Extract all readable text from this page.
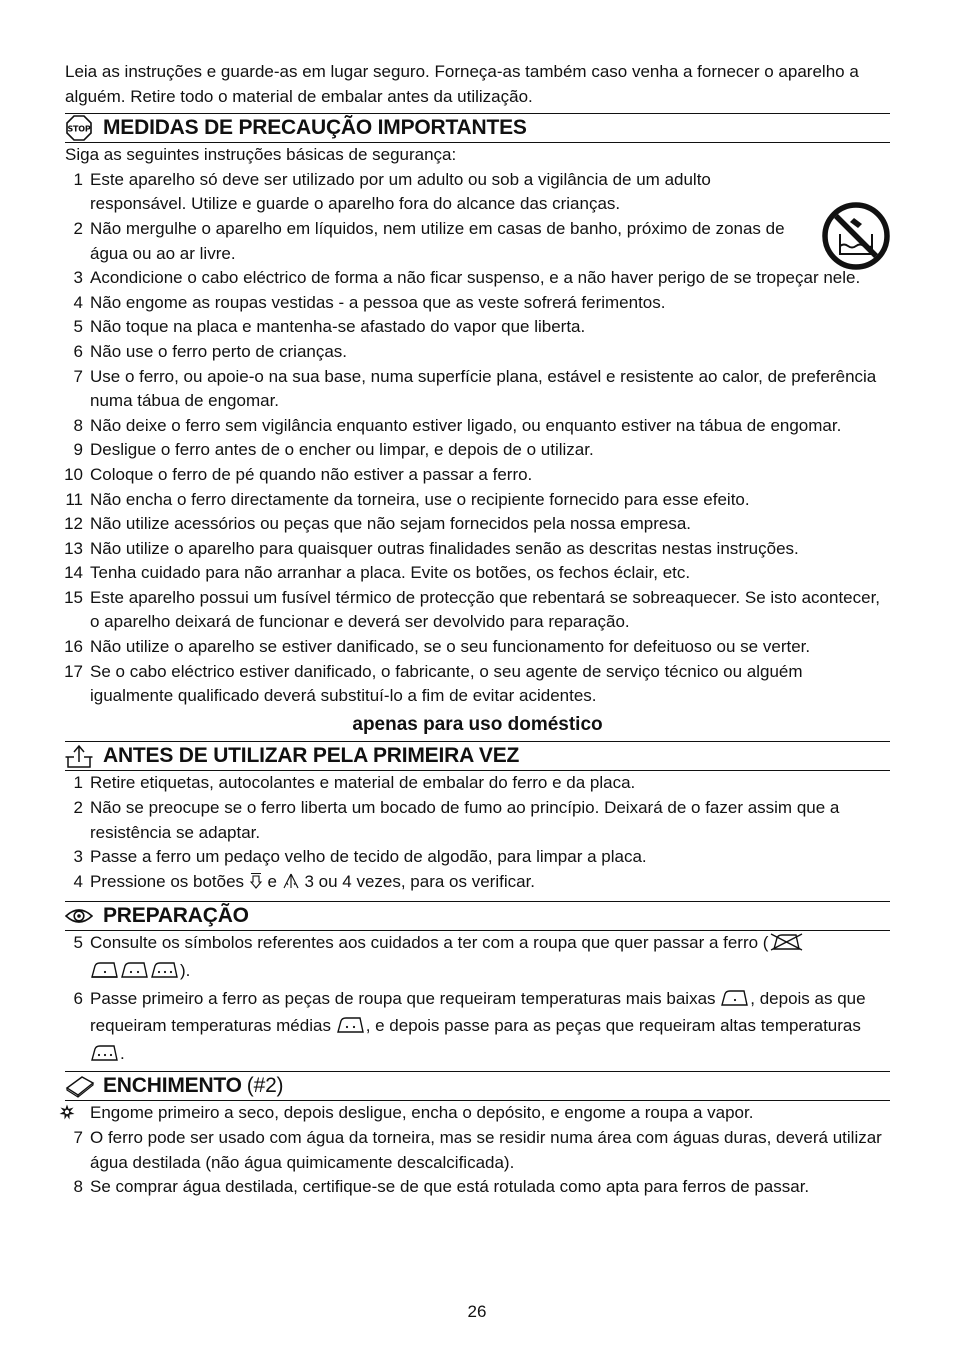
Leia as instruções e guarde-as em lugar seguro. Forneça-as também caso venha a fornecer o aparelho a alguém. Retire todo o material de embalar antes da utilização.

STOP MEDIDAS DE PRECAUÇÃO IMPORTANTES

Siga as seguintes instruções básicas de segurança:

1 Este aparelho só deve ser utilizado por um adulto ou sob a vigilância de um adulto responsável. Utilize e guarde o aparelho fora do alcance das crianças.
2 Não mergulhe o aparelho em líquidos, nem utilize em casas de banho, próximo de zonas de água ou ao ar livre.
3 Acondicione o cabo eléctrico de forma a não ficar suspenso, e a não haver perigo de se tropeçar nele.
4 Não engome as roupas vestidas - a pessoa que as veste sofrerá ferimentos.
5 Não toque na placa e mantenha-se afastado do vapor que liberta.
6 Não use o ferro perto de crianças.
7 Use o ferro, ou apoie-o na sua base, numa superfície plana, estável e resistente ao calor, de preferência numa tábua de engomar.
8 Não deixe o ferro sem vigilância enquanto estiver ligado, ou enquanto estiver na tábua de engomar.
9 Desligue o ferro antes de o encher ou limpar, e depois de o utilizar.
10 Coloque o ferro de pé quando não estiver a passar a ferro.
11 Não encha o ferro directamente da torneira, use o recipiente fornecido para esse efeito.
12 Não utilize acessórios ou peças que não sejam fornecidos pela nossa empresa.
13 Não utilize o aparelho para quaisquer outras finalidades senão as descritas nestas instruções.
14 Tenha cuidado para não arranhar a placa. Evite os botões, os fechos éclair, etc.
15 Este aparelho possui um fusível térmico de protecção que rebentará se sobreaquecer. Se isto acontecer, o aparelho deixará de funcionar e deverá ser devolvido para reparação.
16 Não utilize o aparelho se estiver danificado, se o seu funcionamento for defeituoso ou se verter.
17 Se o cabo eléctrico estiver danificado, o fabricante, o seu agente de serviço técnico ou alguém igualmente qualificado deverá substituí-lo a fim de evitar acidentes.
apenas para uso doméstico
ANTES DE UTILIZAR PELA PRIMEIRA VEZ
1 Retire etiquetas, autocolantes e material de embalar do ferro e da placa.
2 Não se preocupe se o ferro liberta um bocado de fumo ao princípio. Deixará de o fazer assim que a resistência se adaptar.
3 Passe a ferro um pedaço velho de tecido de algodão, para limpar a placa.
4 Pressione os botões e 3 ou 4 vezes, para os verificar.
PREPARAÇÃO
5 Consulte os símbolos referentes aos cuidados a ter com a roupa que quer passar a ferro (
).
6 Passe primeiro a ferro as peças de roupa que requeiram temperaturas mais baixas , depois as que requeiram temperaturas médias , e depois passe para as peças que requeiram altas temperaturas .
ENCHIMENTO (#2)
Engome primeiro a seco, depois desligue, encha o depósito, e engome a roupa a vapor.
7 O ferro pode ser usado com água da torneira, mas se residir numa área com águas duras, deverá utilizar água destilada (não água quimicamente descalcificada).
8 Se comprar água destilada, certifique-se de que está rotulada como apta para ferros de passar.
26
